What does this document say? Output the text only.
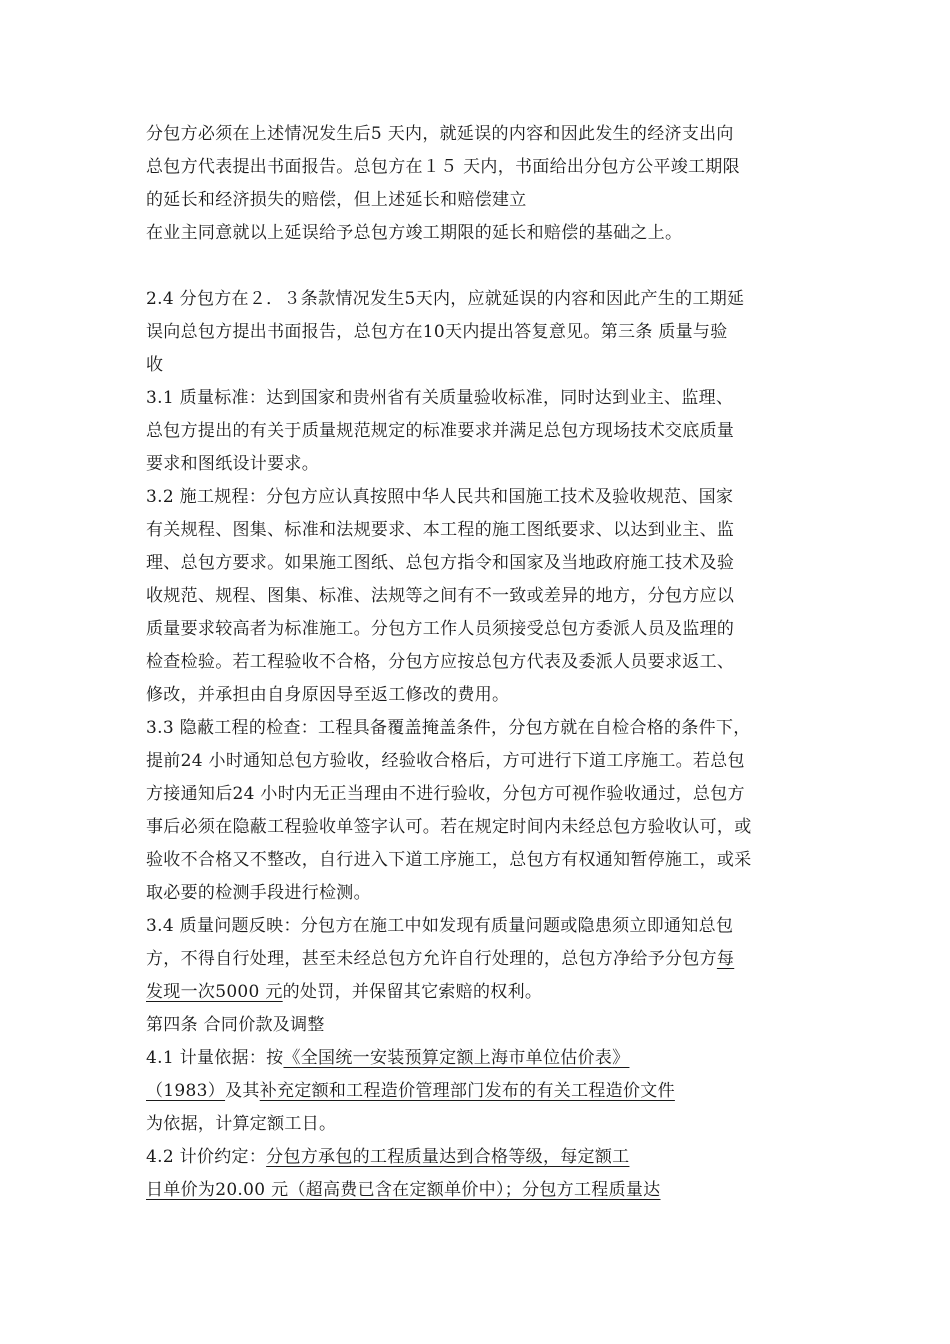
分包方必须在上述情况发生后5 天内，就延误的内容和因此发生的经济支出向
总包方代表提出书面报告。总包方在１５ 天内，书面给出分包方公平竣工期限
的延长和经济损失的赔偿，但上述延长和赔偿建立
在业主同意就以上延误给予总包方竣工期限的延长和赔偿的基础之上。
2.4 分包方在２．３条款情况发生5天内，应就延误的内容和因此产生的工期延
误向总包方提出书面报告，总包方在10天内提出答复意见。第三条 质量与验
收
3.1 质量标准：达到国家和贵州省有关质量验收标准，同时达到业主、监理、
总包方提出的有关于质量规范规定的标准要求并满足总包方现场技术交底质量
要求和图纸设计要求。
3.2 施工规程：分包方应认真按照中华人民共和国施工技术及验收规范、国家
有关规程、图集、标准和法规要求、本工程的施工图纸要求、以达到业主、监
理、总包方要求。如果施工图纸、总包方指令和国家及当地政府施工技术及验
收规范、规程、图集、标准、法规等之间有不一致或差异的地方，分包方应以
质量要求较高者为标准施工。分包方工作人员须接受总包方委派人员及监理的
检查检验。若工程验收不合格，分包方应按总包方代表及委派人员要求返工、
修改，并承担由自身原因导至返工修改的费用。
3.3 隐蔽工程的检查：工程具备覆盖掩盖条件，分包方就在自检合格的条件下，
提前24 小时通知总包方验收，经验收合格后，方可进行下道工序施工。若总包
方接通知后24 小时内无正当理由不进行验收，分包方可视作验收通过，总包方
事后必须在隐蔽工程验收单签字认可。若在规定时间内未经总包方验收认可，或
验收不合格又不整改，自行进入下道工序施工，总包方有权通知暂停施工，或采
取必要的检测手段进行检测。
3.4 质量问题反映：分包方在施工中如发现有质量问题或隐患须立即通知总包
方，不得自行处理，甚至未经总包方允许自行处理的，总包方净给予分包方每
发现一次5000 元的处罚，并保留其它索赔的权利。
第四条 合同价款及调整
4.1 计量依据：按《全国统一安装预算定额上海市单位估价表》
（1983）及其补充定额和工程造价管理部门发布的有关工程造价文件
为依据，计算定额工日。
4.2 计价约定：分包方承包的工程质量达到合格等级，每定额工
日单价为20.00 元（超高费已含在定额单价中）；分包方工程质量达
